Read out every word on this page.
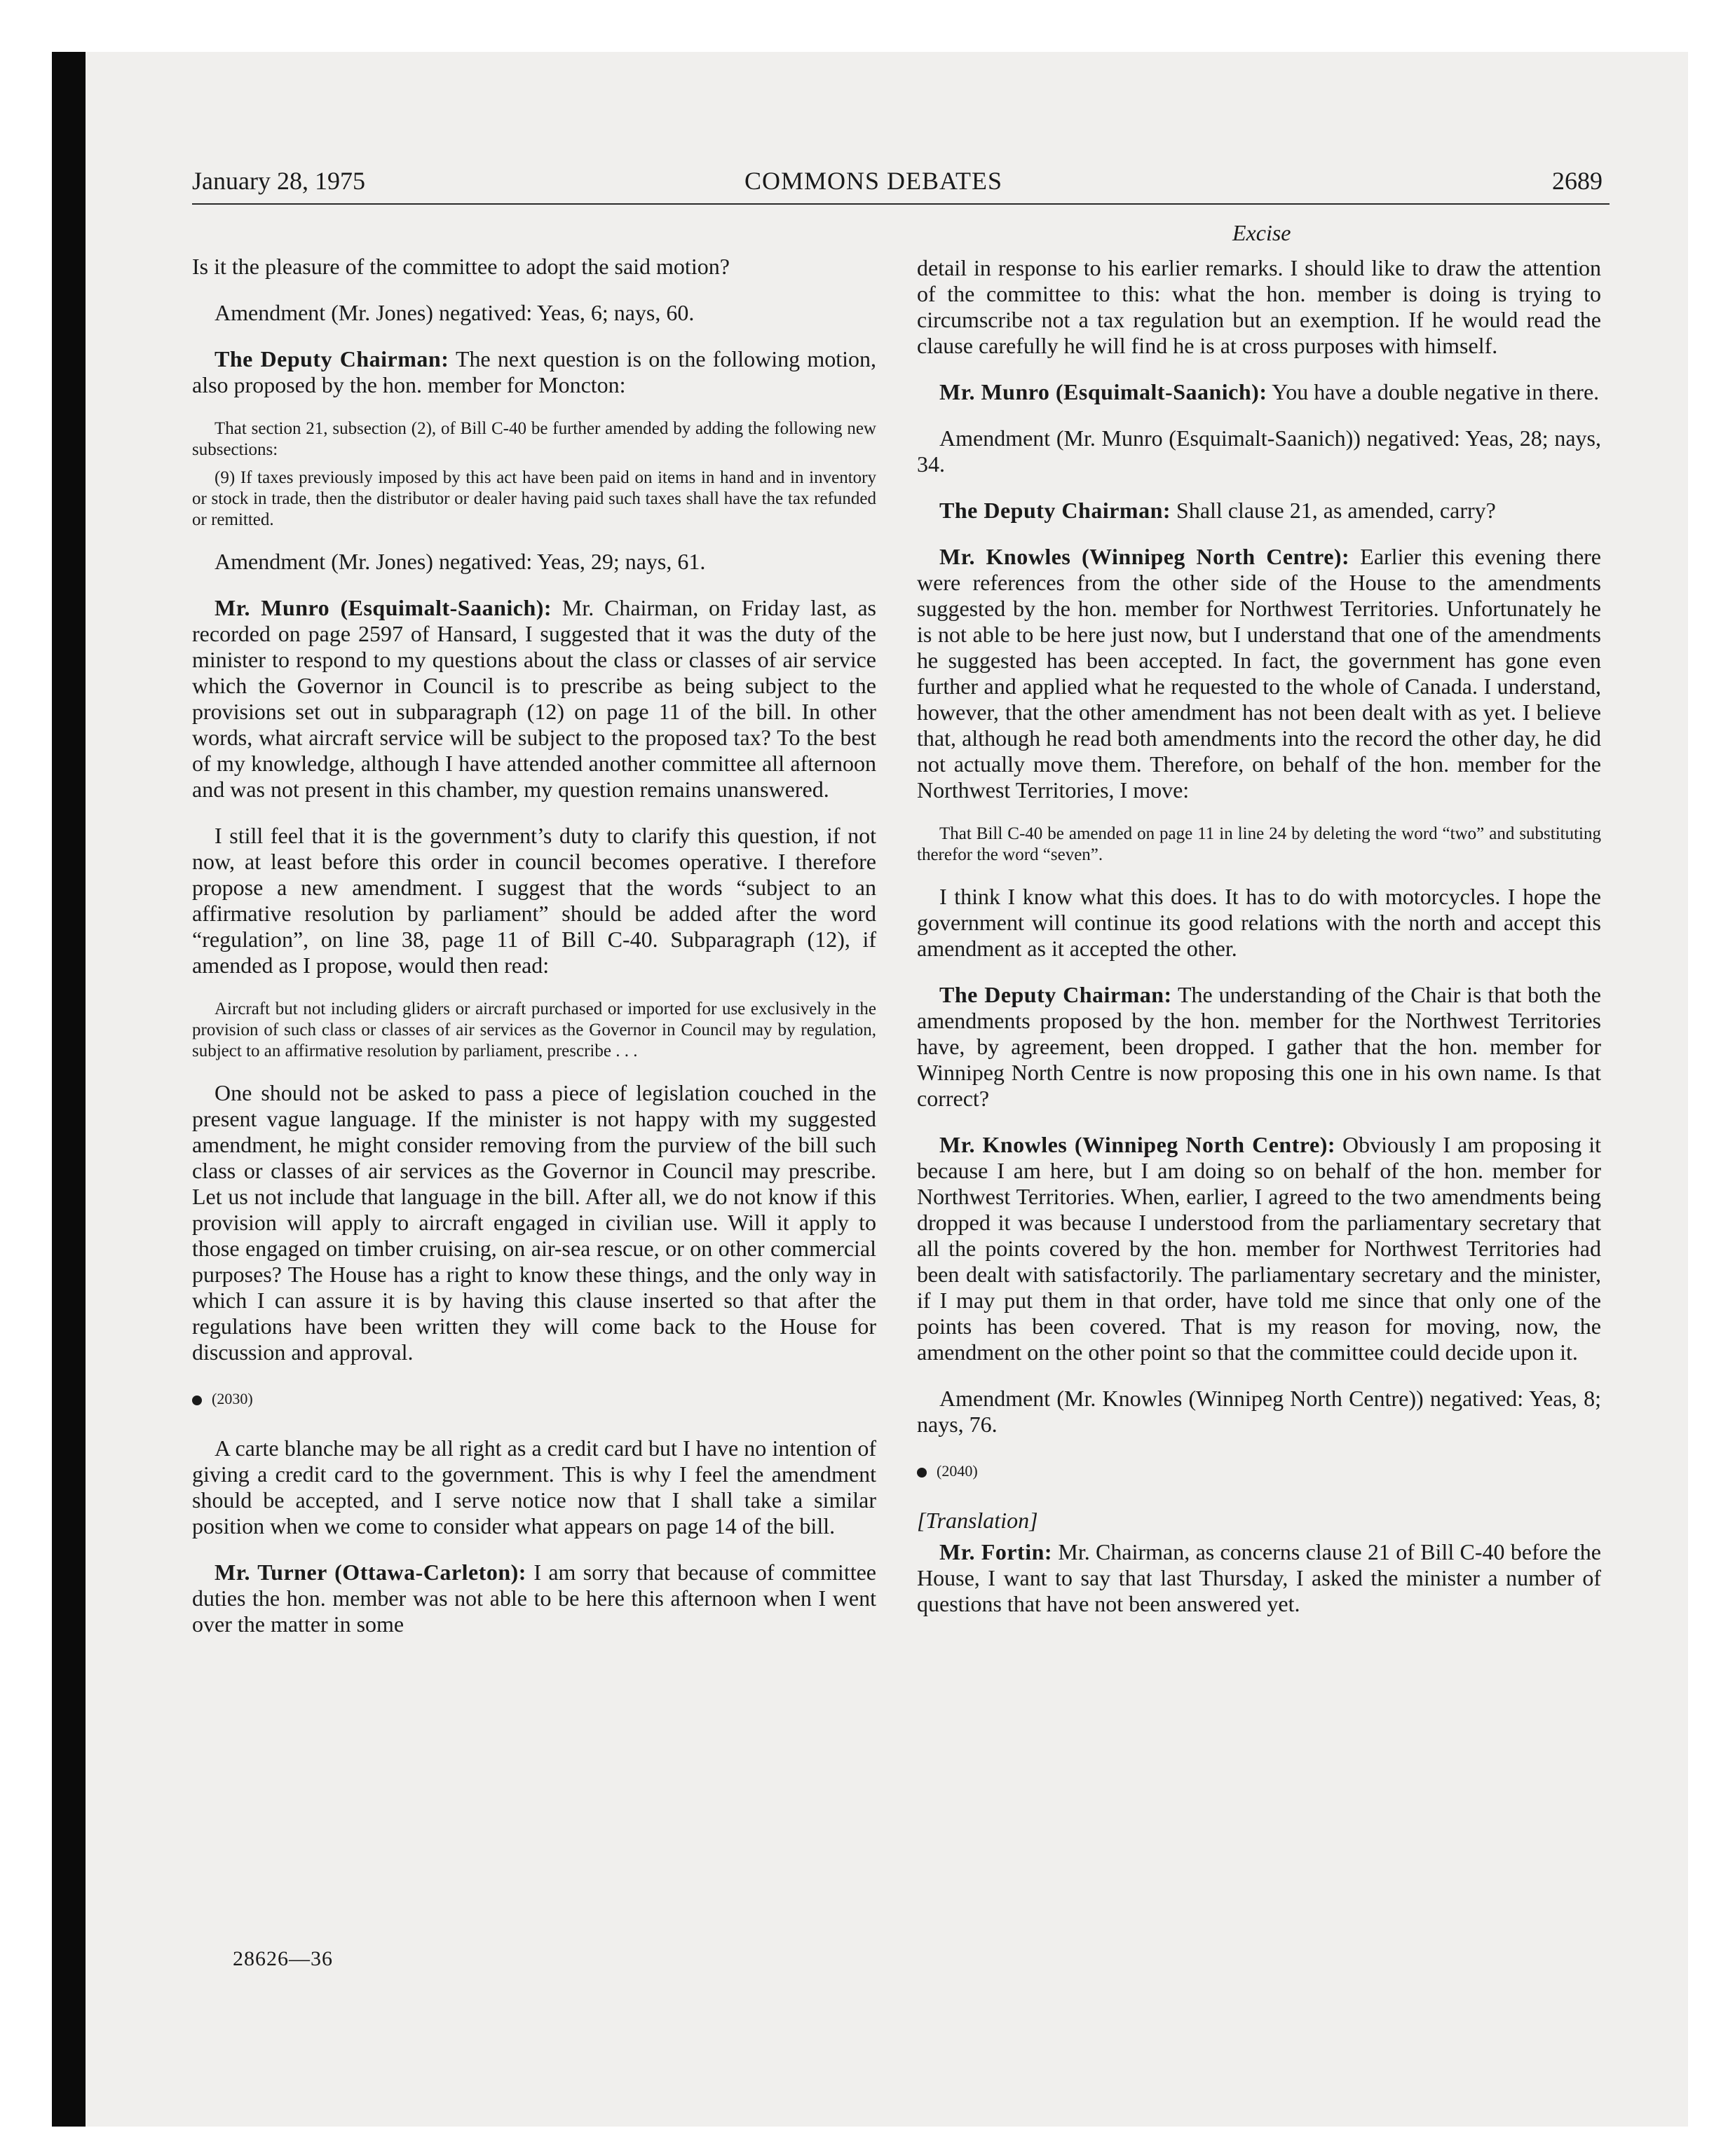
January 28, 1975	COMMONS DEBATES	2689
Excise

Is it the pleasure of the committee to adopt the said motion?

Amendment (Mr. Jones) negatived: Yeas, 6; nays, 60.

The Deputy Chairman: The next question is on the following motion, also proposed by the hon. member for Moncton:

That section 21, subsection (2), of Bill C-40 be further amended by adding the following new subsections:

(9) If taxes previously imposed by this act have been paid on items in hand and in inventory or stock in trade, then the distributor or dealer having paid such taxes shall have the tax refunded or remitted.

Amendment (Mr. Jones) negatived: Yeas, 29; nays, 61.

Mr. Munro (Esquimalt-Saanich): Mr. Chairman, on Friday last, as recorded on page 2597 of Hansard, I suggested that it was the duty of the minister to respond to my questions about the class or classes of air service which the Governor in Council is to prescribe as being subject to the provisions set out in subparagraph (12) on page 11 of the bill. In other words, what aircraft service will be subject to the proposed tax? To the best of my knowledge, although I have attended another committee all afternoon and was not present in this chamber, my question remains unanswered.

I still feel that it is the government’s duty to clarify this question, if not now, at least before this order in council becomes operative. I therefore propose a new amendment. I suggest that the words “subject to an affirmative resolution by parliament” should be added after the word “regulation”, on line 38, page 11 of Bill C-40. Subparagraph (12), if amended as I propose, would then read:

Aircraft but not including gliders or aircraft purchased or imported for use exclusively in the provision of such class or classes of air services as the Governor in Council may by regulation, subject to an affirmative resolution by parliament, prescribe . . .

One should not be asked to pass a piece of legislation couched in the present vague language. If the minister is not happy with my suggested amendment, he might consider removing from the purview of the bill such class or classes of air services as the Governor in Council may prescribe. Let us not include that language in the bill. After all, we do not know if this provision will apply to aircraft engaged in civilian use. Will it apply to those engaged on timber cruising, on air-sea rescue, or on other commercial purposes? The House has a right to know these things, and the only way in which I can assure it is by having this clause inserted so that after the regulations have been written they will come back to the House for discussion and approval.

(2030)

A carte blanche may be all right as a credit card but I have no intention of giving a credit card to the government. This is why I feel the amendment should be accepted, and I serve notice now that I shall take a similar position when we come to consider what appears on page 14 of the bill.

Mr. Turner (Ottawa-Carleton): I am sorry that because of committee duties the hon. member was not able to be here this afternoon when I went over the matter in some

detail in response to his earlier remarks. I should like to draw the attention of the committee to this: what the hon. member is doing is trying to circumscribe not a tax regulation but an exemption. If he would read the clause carefully he will find he is at cross purposes with himself.

Mr. Munro (Esquimalt-Saanich): You have a double negative in there.

Amendment (Mr. Munro (Esquimalt-Saanich)) negatived: Yeas, 28; nays, 34.

The Deputy Chairman: Shall clause 21, as amended, carry?

Mr. Knowles (Winnipeg North Centre): Earlier this evening there were references from the other side of the House to the amendments suggested by the hon. member for Northwest Territories. Unfortunately he is not able to be here just now, but I understand that one of the amendments he suggested has been accepted. In fact, the government has gone even further and applied what he requested to the whole of Canada. I understand, however, that the other amendment has not been dealt with as yet. I believe that, although he read both amendments into the record the other day, he did not actually move them. Therefore, on behalf of the hon. member for the Northwest Territories, I move:

That Bill C-40 be amended on page 11 in line 24 by deleting the word “two” and substituting therefor the word “seven”.

I think I know what this does. It has to do with motorcycles. I hope the government will continue its good relations with the north and accept this amendment as it accepted the other.

The Deputy Chairman: The understanding of the Chair is that both the amendments proposed by the hon. member for the Northwest Territories have, by agreement, been dropped. I gather that the hon. member for Winnipeg North Centre is now proposing this one in his own name. Is that correct?

Mr. Knowles (Winnipeg North Centre): Obviously I am proposing it because I am here, but I am doing so on behalf of the hon. member for Northwest Territories. When, earlier, I agreed to the two amendments being dropped it was because I understood from the parliamentary secretary that all the points covered by the hon. member for Northwest Territories had been dealt with satisfactorily. The parliamentary secretary and the minister, if I may put them in that order, have told me since that only one of the points has been covered. That is my reason for moving, now, the amendment on the other point so that the committee could decide upon it.

Amendment (Mr. Knowles (Winnipeg North Centre)) negatived: Yeas, 8; nays, 76.

(2040)

[Translation]

Mr. Fortin: Mr. Chairman, as concerns clause 21 of Bill C-40 before the House, I want to say that last Thursday, I asked the minister a number of questions that have not been answered yet.

28626—36
